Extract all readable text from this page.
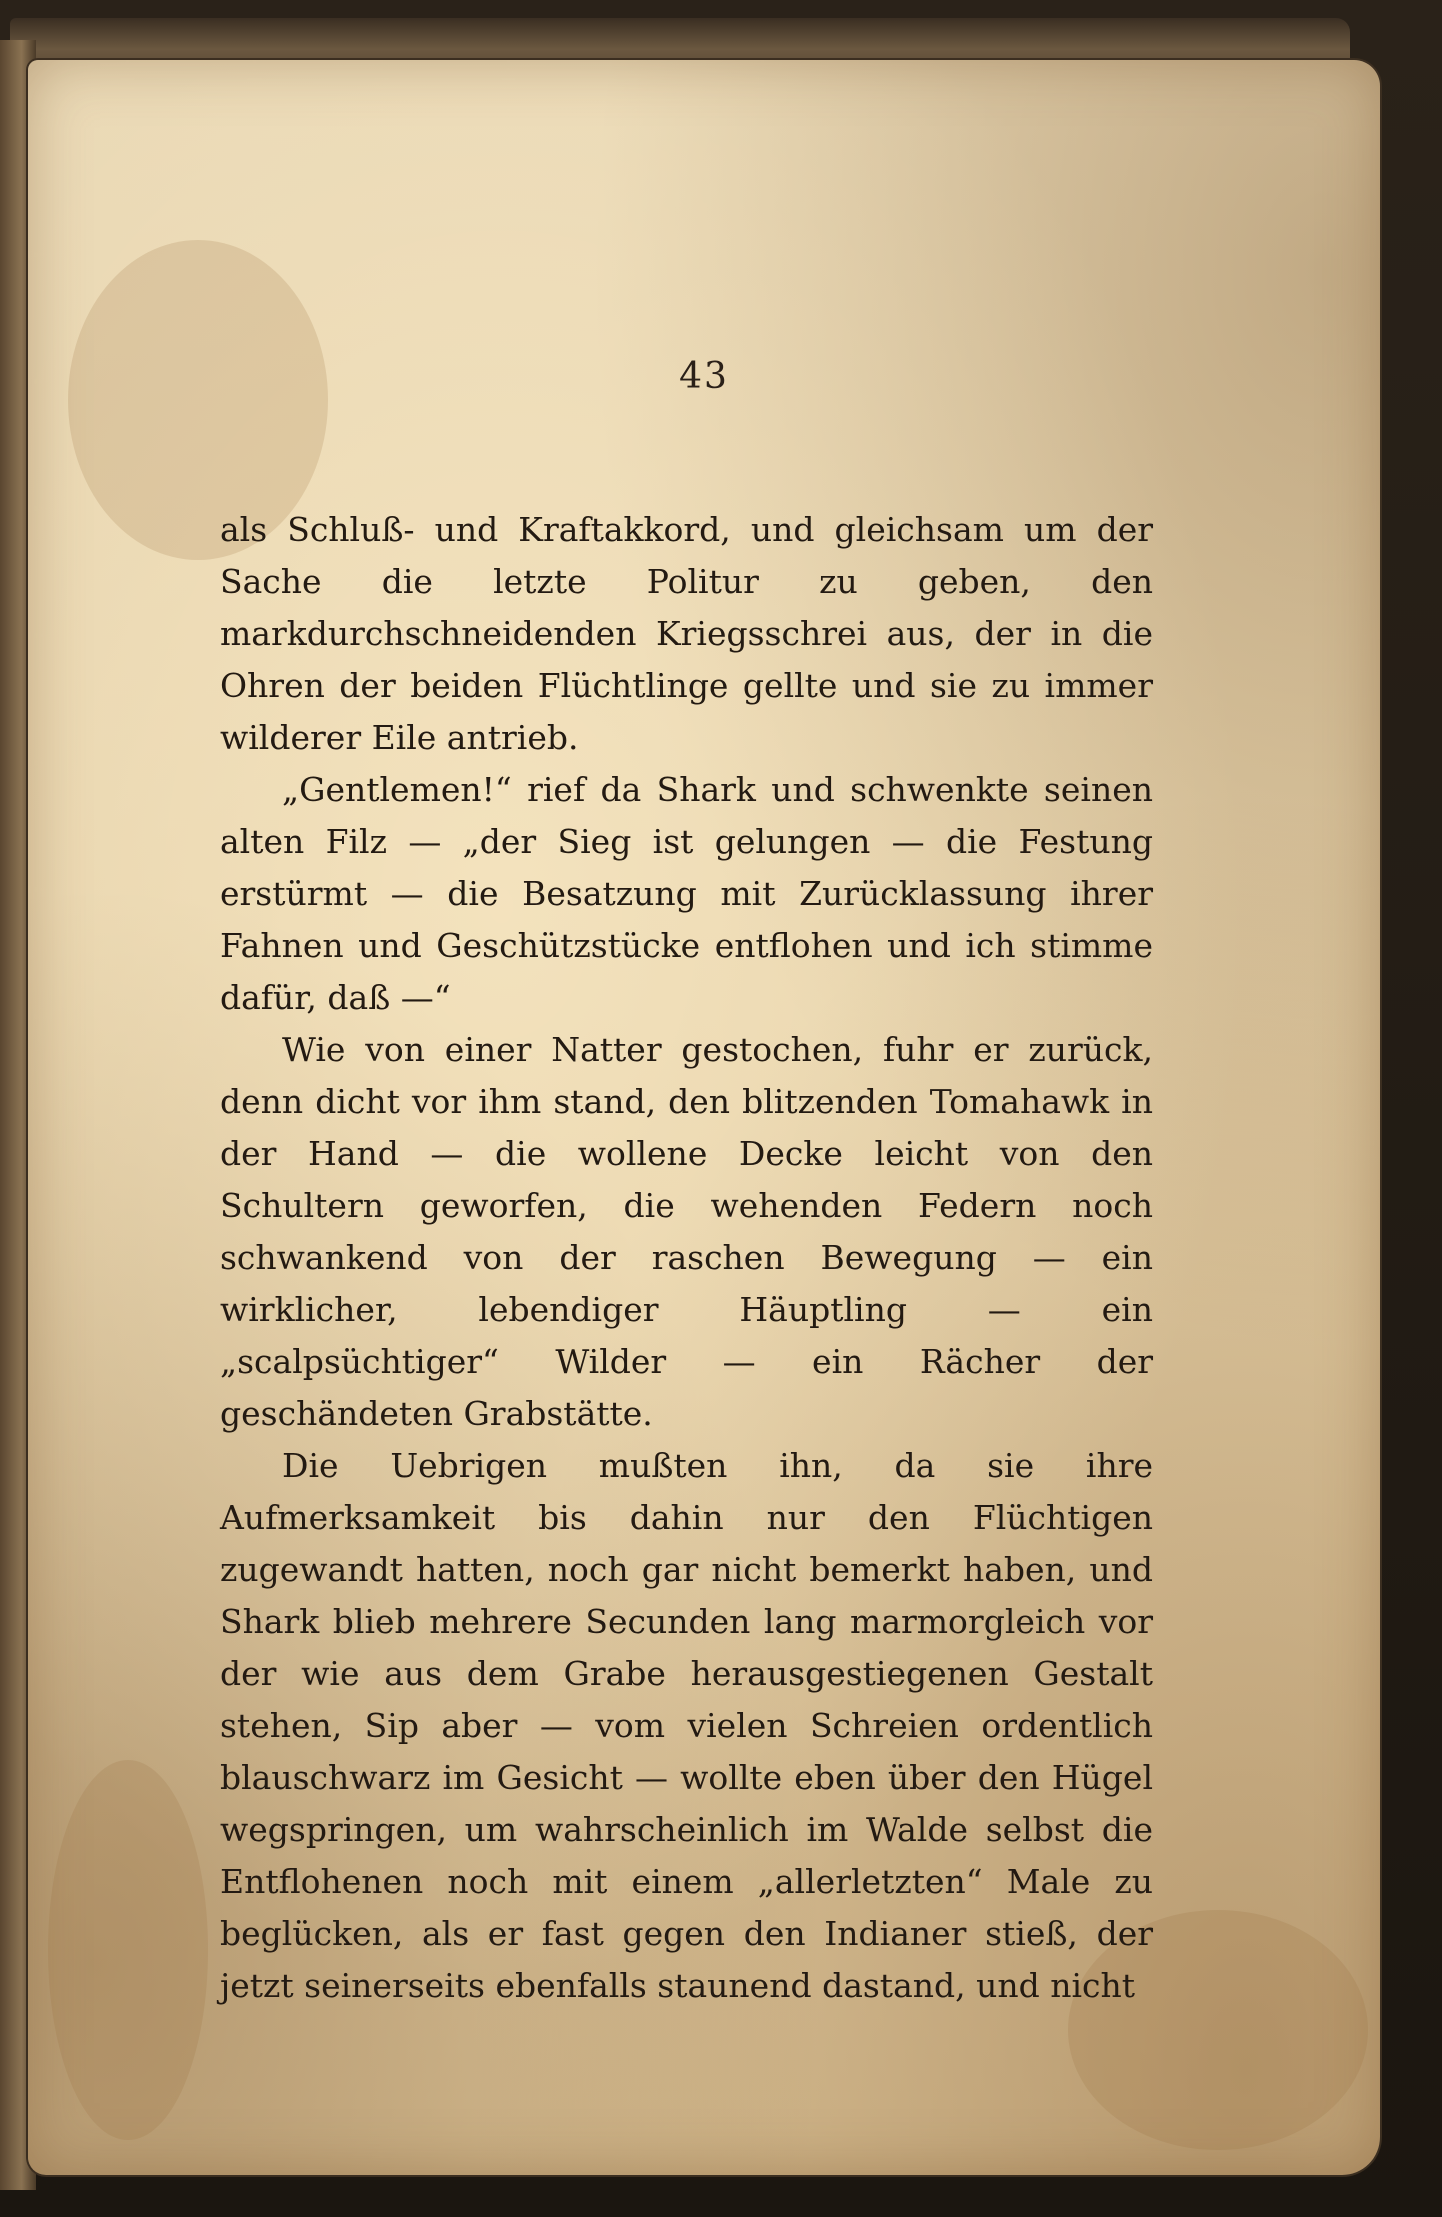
43

als Schluß- und Kraftakkord, und gleichsam um der Sache die letzte Politur zu geben, den markdurchschneidenden Kriegsschrei aus, der in die Ohren der beiden Flüchtlinge gellte und sie zu immer wilderer Eile antrieb.

„Gentlemen!“ rief da Shark und schwenkte seinen alten Filz — „der Sieg ist gelungen — die Festung erstürmt — die Besatzung mit Zurücklassung ihrer Fahnen und Geschützstücke entflohen und ich stimme dafür, daß —“

Wie von einer Natter gestochen, fuhr er zurück, denn dicht vor ihm stand, den blitzenden Tomahawk in der Hand — die wollene Decke leicht von den Schultern geworfen, die wehenden Federn noch schwankend von der raschen Bewegung — ein wirklicher, lebendiger Häuptling — ein „scalpsüchtiger“ Wilder — ein Rächer der geschändeten Grabstätte.

Die Uebrigen mußten ihn, da sie ihre Aufmerksamkeit bis dahin nur den Flüchtigen zugewandt hatten, noch gar nicht bemerkt haben, und Shark blieb mehrere Secunden lang marmorgleich vor der wie aus dem Grabe herausgestiegenen Gestalt stehen, Sip aber — vom vielen Schreien ordentlich blauschwarz im Gesicht — wollte eben über den Hügel wegspringen, um wahrscheinlich im Walde selbst die Entflohenen noch mit einem „allerletzten“ Male zu beglücken, als er fast gegen den Indianer stieß, der jetzt seinerseits ebenfalls staunend dastand, und nicht
